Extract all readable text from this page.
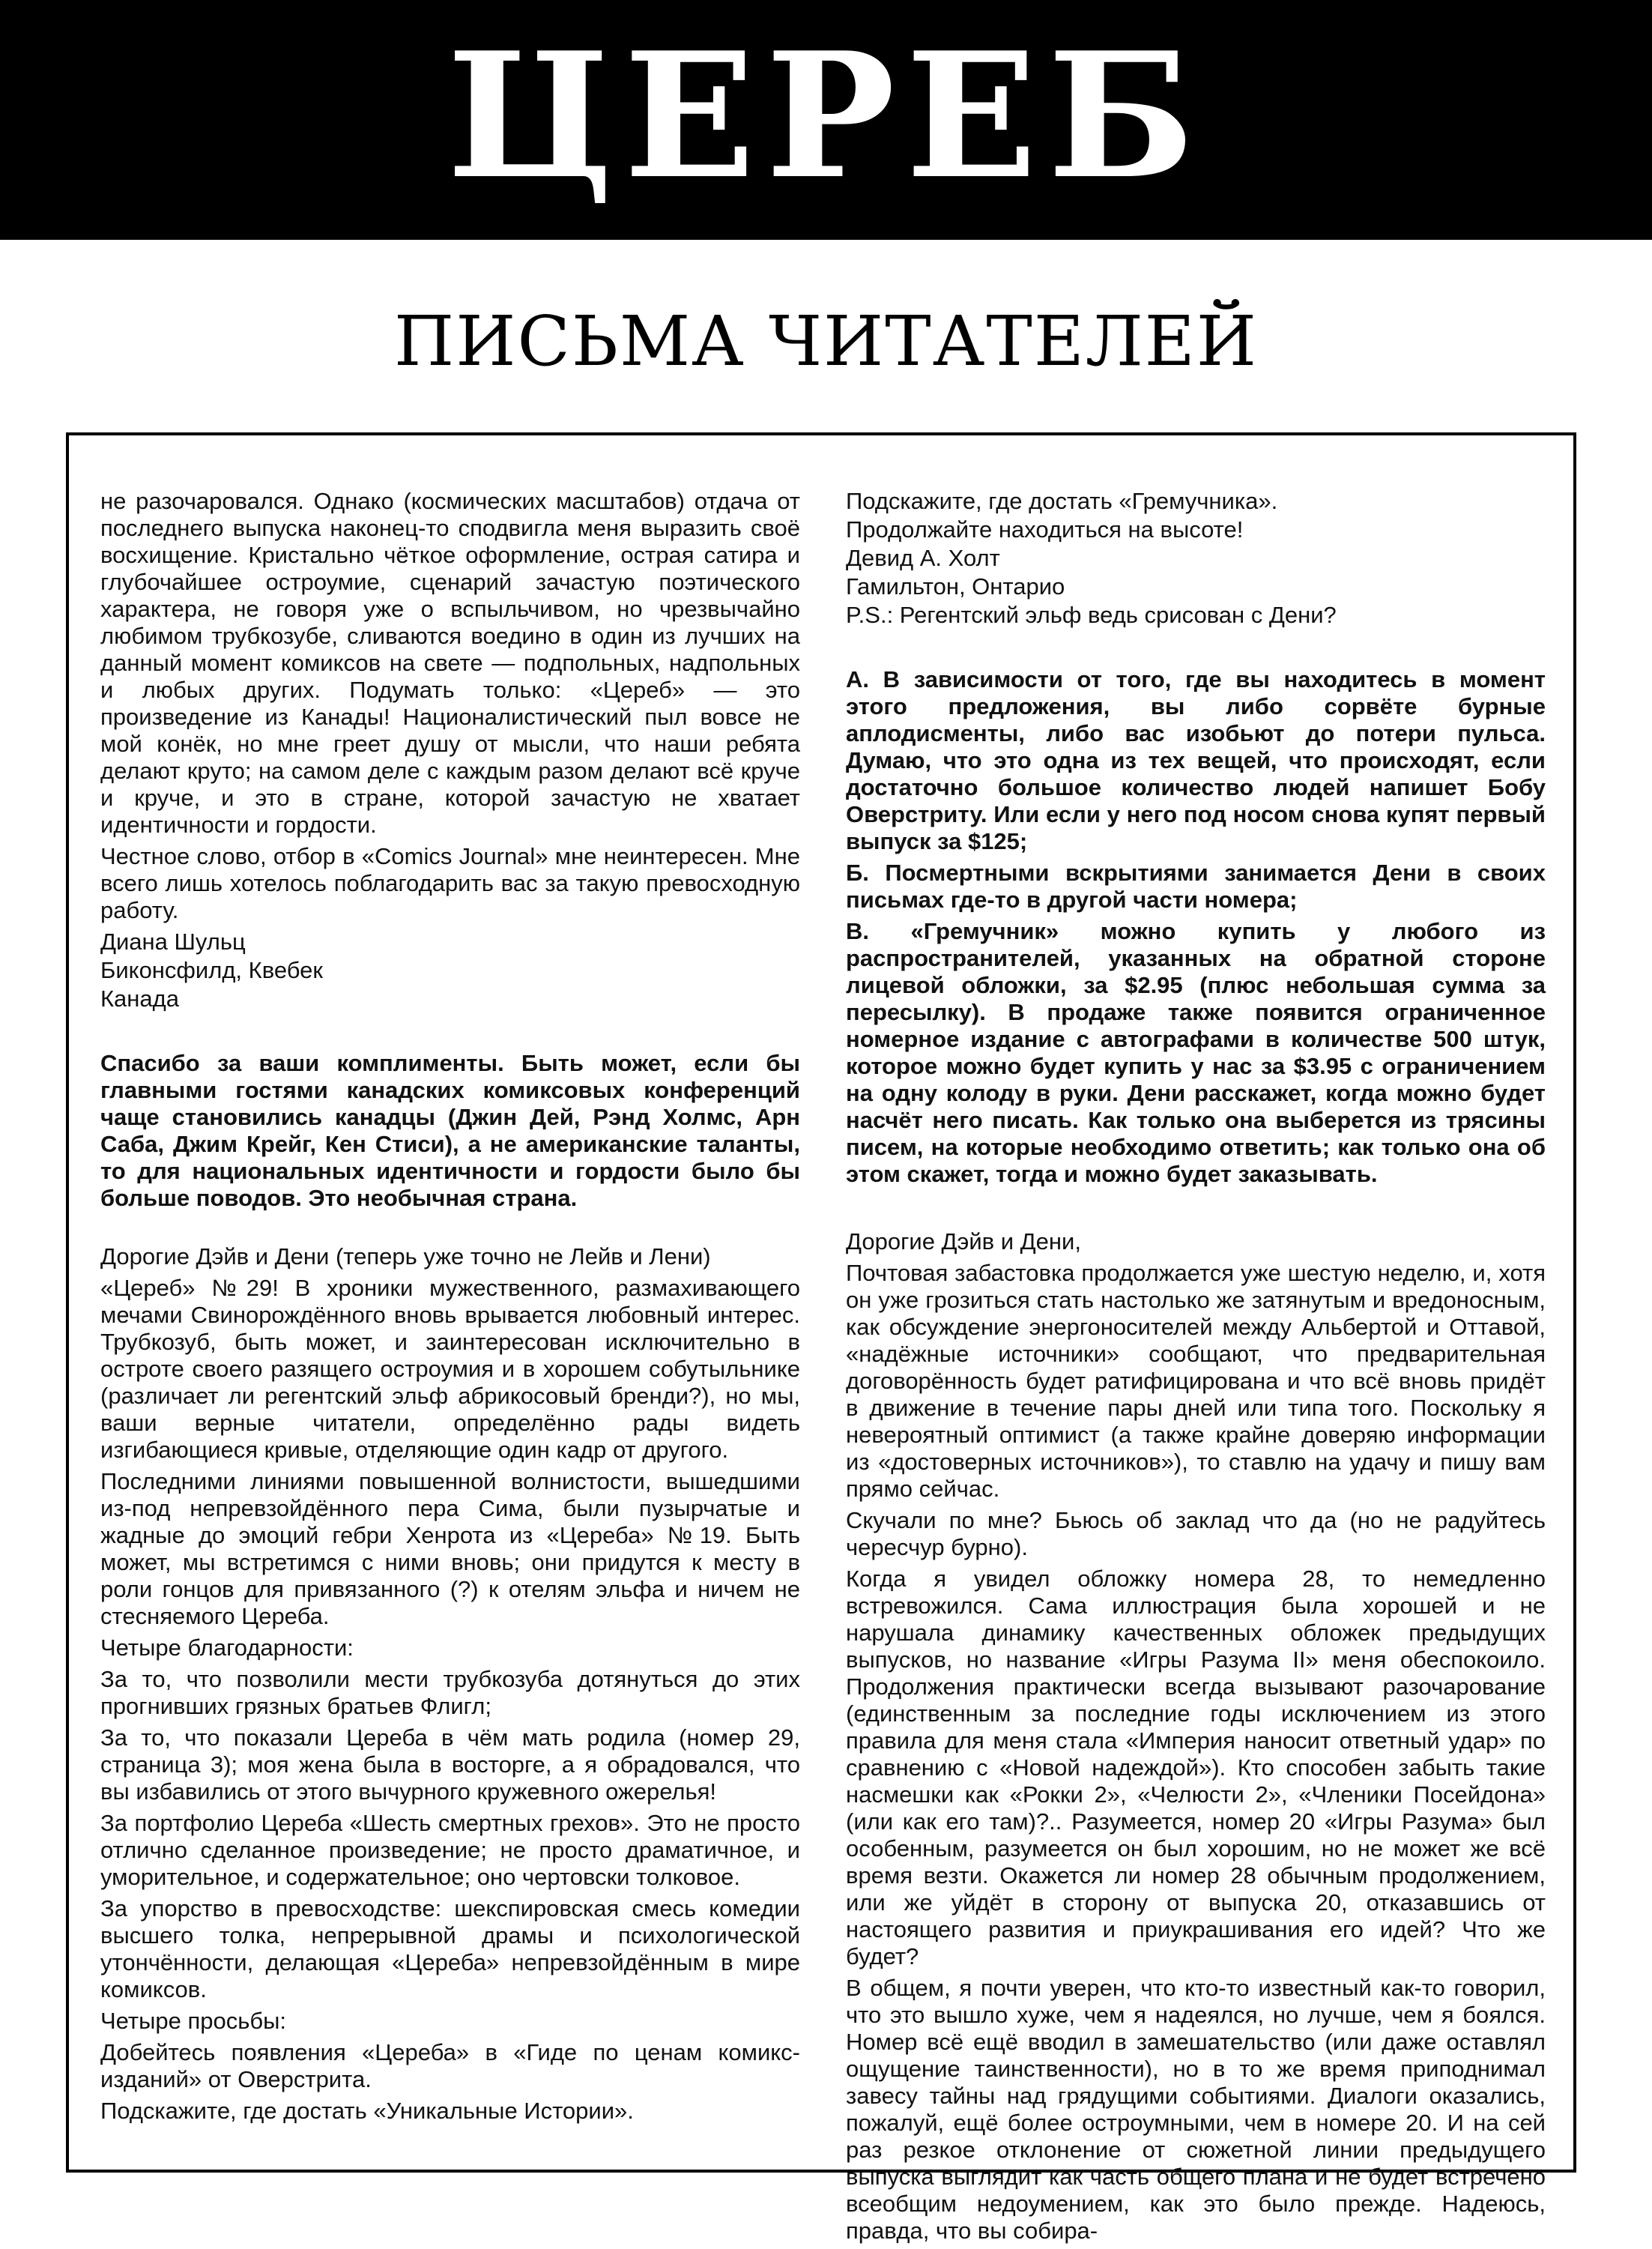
ЦЕРЕБ
ПИСЬМА ЧИТАТЕЛЕЙ

не разочаровался. Однако (космических масштабов) отдача от последнего выпуска наконец-то сподвигла меня выразить своё восхищение. Кристально чёткое оформление, острая сатира и глубочайшее остроумие, сценарий зачастую поэтического характера, не говоря уже о вспыльчивом, но чрезвычайно любимом трубкозубе, сливаются воедино в один из лучших на данный момент комиксов на свете — подпольных, надпольных и любых других. Подумать только: «Цереб» — это произведение из Канады! Националистический пыл вовсе не мой конёк, но мне греет душу от мысли, что наши ребята делают круто; на самом деле с каждым разом делают всё круче и круче, и это в стране, которой зачастую не хватает идентичности и гордости.

Честное слово, отбор в «Comics Journal» мне неинтересен. Мне всего лишь хотелось поблагодарить вас за такую превосходную работу.

Диана Шульц

Биконсфилд, Квебек

Канада

Спасибо за ваши комплименты. Быть может, если бы главными гостями канадских комиксовых конференций чаще становились канадцы (Джин Дей, Рэнд Холмс, Арн Саба, Джим Крейг, Кен Стиси), а не американские таланты, то для национальных идентичности и гордости было бы больше поводов. Это необычная страна.

Дорогие Дэйв и Дени (теперь уже точно не Лейв и Лени)

«Цереб» №29! В хроники мужественного, размахивающего мечами Свинорождённого вновь врывается любовный интерес. Трубкозуб, быть может, и заинтересован исключительно в остроте своего разящего остроумия и в хорошем собутыльнике (различает ли регентский эльф абрикосовый бренди?), но мы, ваши верные читатели, определённо рады видеть изгибающиеся кривые, отделяющие один кадр от другого.

Последними линиями повышенной волнистости, вышедшими из-под непревзойдённого пера Сима, были пузырчатые и жадные до эмоций гебри Хенрота из «Цереба» №19. Быть может, мы встретимся с ними вновь; они придутся к месту в роли гонцов для привязанного (?) к отелям эльфа и ничем не стесняемого Цереба.

Четыре благодарности:

За то, что позволили мести трубкозуба дотянуться до этих прогнивших грязных братьев Флигл;

За то, что показали Цереба в чём мать родила (номер 29, страница 3); моя жена была в восторге, а я обрадовался, что вы избавились от этого вычурного кружевного ожерелья!

За портфолио Цереба «Шесть смертных грехов». Это не просто отлично сделанное произведение; не просто драматичное, и уморительное, и содержательное; оно чертовски толковое.

За упорство в превосходстве: шекспировская смесь комедии высшего толка, непрерывной драмы и психологической утончённости, делающая «Цереба» непревзойдённым в мире комиксов.

Четыре просьбы:

Добейтесь появления «Цереба» в «Гиде по ценам комикс-изданий» от Оверстрита.

Подскажите, где достать «Уникальные Истории».

Подскажите, где достать «Гремучника».

Продолжайте находиться на высоте!

Девид А. Холт

Гамильтон, Онтарио

P.S.: Регентский эльф ведь срисован с Дени?

А. В зависимости от того, где вы находитесь в момент этого предложения, вы либо сорвёте бурные аплодисменты, либо вас изобьют до потери пульса. Думаю, что это одна из тех вещей, что происходят, если достаточно большое количество людей напишет Бобу Оверстриту. Или если у него под носом снова купят первый выпуск за $125;

Б. Посмертными вскрытиями занимается Дени в своих письмах где-то в другой части номера;

В. «Гремучник» можно купить у любого из распространителей, указанных на обратной стороне лицевой обложки, за $2.95 (плюс небольшая сумма за пересылку). В продаже также появится ограниченное номерное издание с автографами в количестве 500 штук, которое можно будет купить у нас за $3.95 с ограничением на одну колоду в руки. Дени расскажет, когда можно будет насчёт него писать. Как только она выберется из трясины писем, на которые необходимо ответить; как только она об этом скажет, тогда и можно будет заказывать.

Дорогие Дэйв и Дени,

Почтовая забастовка продолжается уже шестую неделю, и, хотя он уже грозиться стать настолько же затянутым и вредоносным, как обсуждение энергоносителей между Альбертой и Оттавой, «надёжные источники» сообщают, что предварительная договорённость будет ратифицирована и что всё вновь придёт в движение в течение пары дней или типа того. Поскольку я невероятный оптимист (а также крайне доверяю информации из «достоверных источников»), то ставлю на удачу и пишу вам прямо сейчас.

Скучали по мне? Бьюсь об заклад что да (но не радуйтесь чересчур бурно).

Когда я увидел обложку номера 28, то немедленно встревожился. Сама иллюстрация была хорошей и не нарушала динамику качественных обложек предыдущих выпусков, но название «Игры Разума II» меня обеспокоило. Продолжения практически всегда вызывают разочарование (единственным за последние годы исключением из этого правила для меня стала «Империя наносит ответный удар» по сравнению с «Новой надеждой»). Кто способен забыть такие насмешки как «Рокки 2», «Челюсти 2», «Членики Посейдона» (или как его там)?.. Разумеется, номер 20 «Игры Разума» был особенным, разумеется он был хорошим, но не может же всё время везти. Окажется ли номер 28 обычным продолжением, или же уйдёт в сторону от выпуска 20, отказавшись от настоящего развития и приукрашивания его идей? Что же будет?

В общем, я почти уверен, что кто-то известный как-то говорил, что это вышло хуже, чем я надеялся, но лучше, чем я боялся. Номер всё ещё вводил в замешательство (или даже оставлял ощущение таинственности), но в то же время приподнимал завесу тайны над грядущими событиями. Диалоги оказались, пожалуй, ещё более остроумными, чем в номере 20. И на сей раз резкое отклонение от сюжетной линии предыдущего выпуска выглядит как часть общего плана и не будет встречено всеобщим недоумением, как это было прежде. Надеюсь, правда, что вы собира-
